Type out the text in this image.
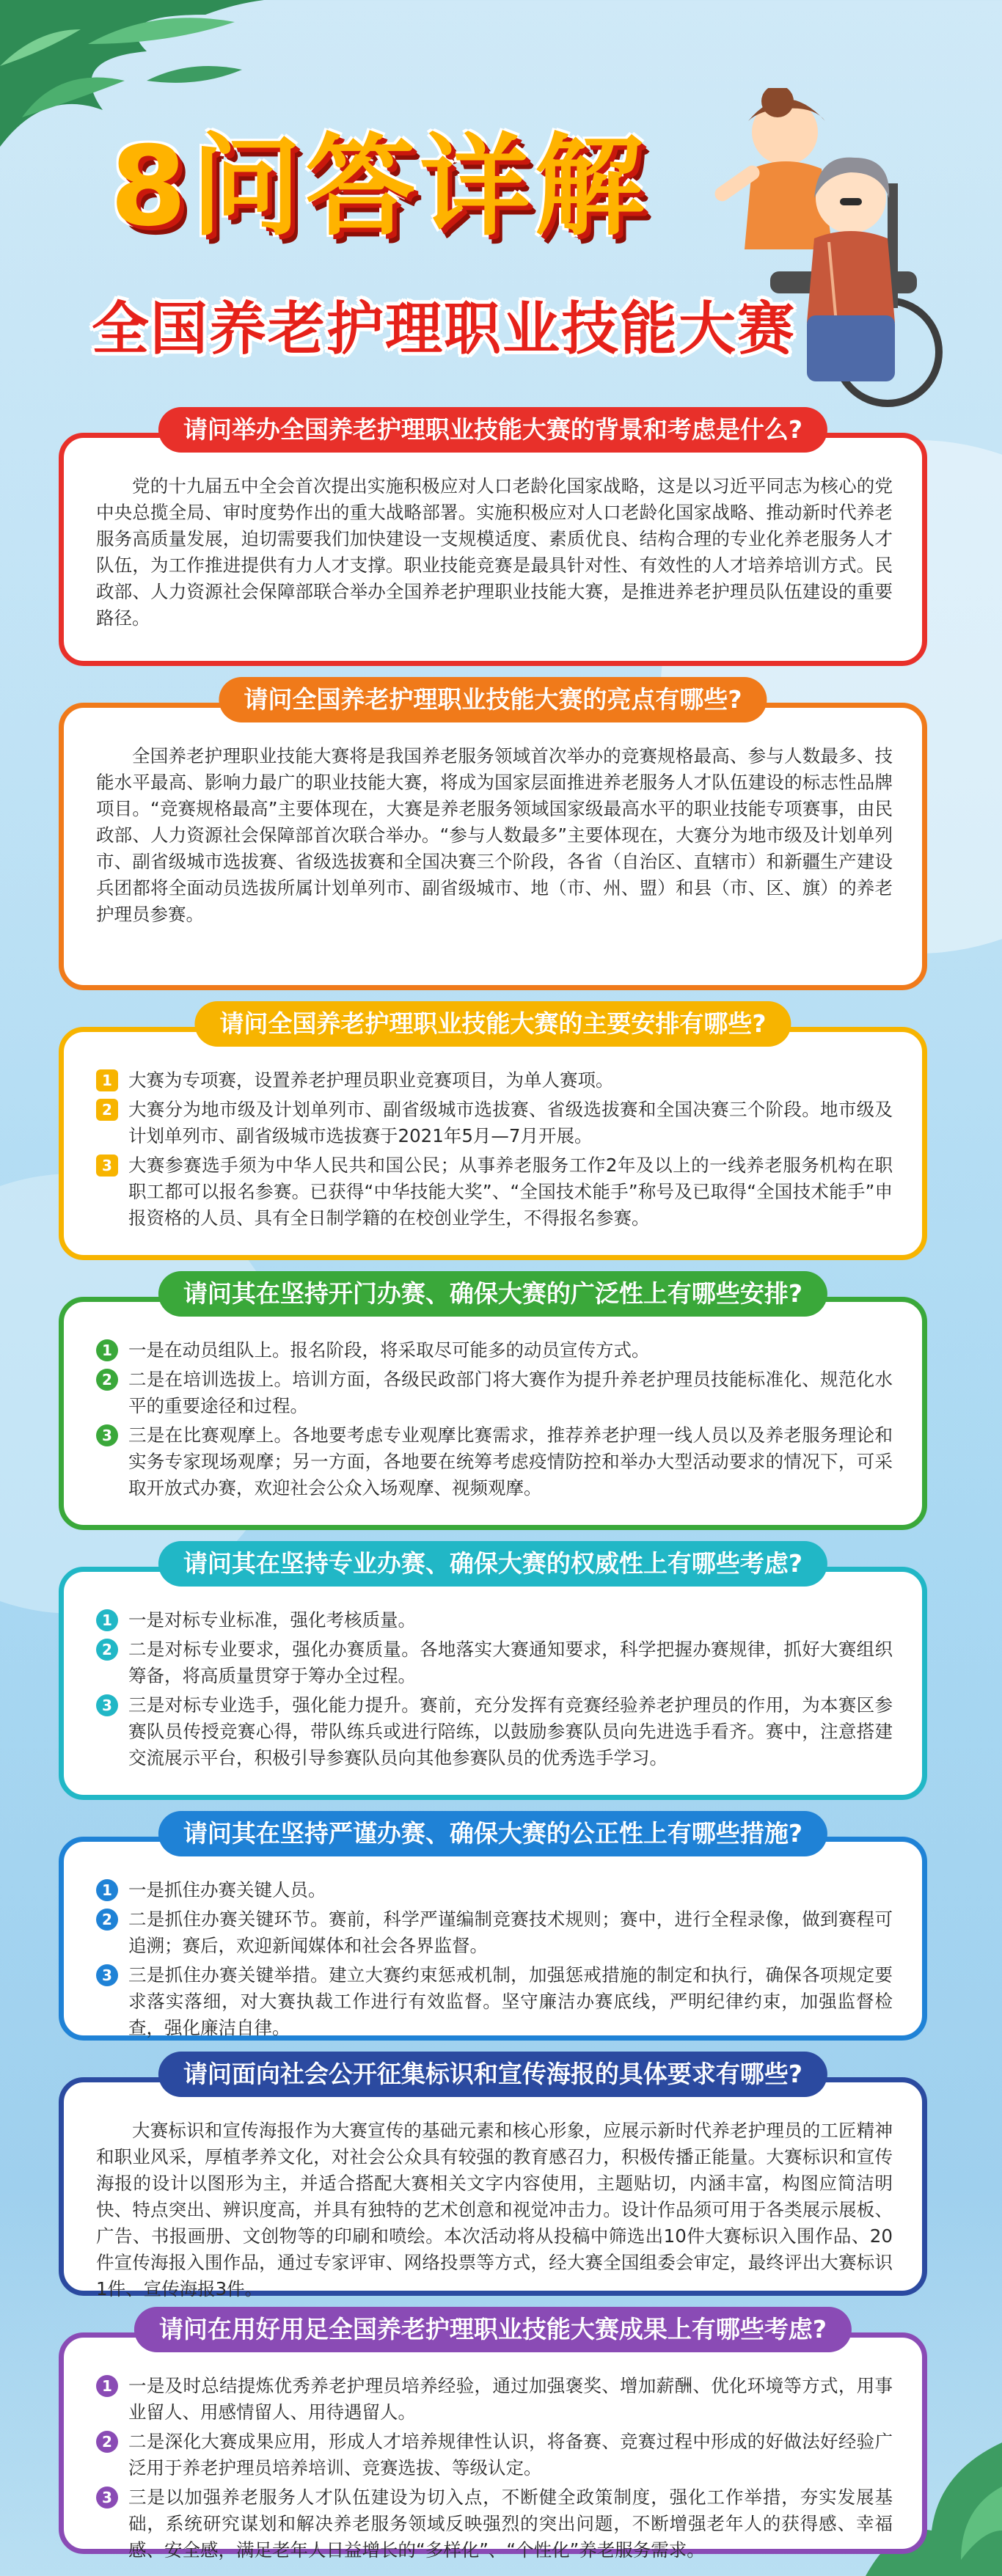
8问答详解
全国养老护理职业技能大赛
请问举办全国养老护理职业技能大赛的背景和考虑是什么?

党的十九届五中全会首次提出实施积极应对人口老龄化国家战略，这是以习近平同志为核心的党中央总揽全局、审时度势作出的重大战略部署。实施积极应对人口老龄化国家战略、推动新时代养老服务高质量发展，迫切需要我们加快建设一支规模适度、素质优良、结构合理的专业化养老服务人才队伍，为工作推进提供有力人才支撑。职业技能竞赛是最具针对性、有效性的人才培养培训方式。民政部、人力资源社会保障部联合举办全国养老护理职业技能大赛，是推进养老护理员队伍建设的重要路径。

请问全国养老护理职业技能大赛的亮点有哪些?

全国养老护理职业技能大赛将是我国养老服务领域首次举办的竞赛规格最高、参与人数最多、技能水平最高、影响力最广的职业技能大赛，将成为国家层面推进养老服务人才队伍建设的标志性品牌项目。“竞赛规格最高”主要体现在，大赛是养老服务领域国家级最高水平的职业技能专项赛事，由民政部、人力资源社会保障部首次联合举办。“参与人数最多”主要体现在，大赛分为地市级及计划单列市、副省级城市选拔赛、省级选拔赛和全国决赛三个阶段，各省（自治区、直辖市）和新疆生产建设兵团都将全面动员选拔所属计划单列市、副省级城市、地（市、州、盟）和县（市、区、旗）的养老护理员参赛。

请问全国养老护理职业技能大赛的主要安排有哪些?
1 大赛为专项赛，设置养老护理员职业竞赛项目，为单人赛项。
2 大赛分为地市级及计划单列市、副省级城市选拔赛、省级选拔赛和全国决赛三个阶段。地市级及计划单列市、副省级城市选拔赛于2021年5月—7月开展。
3 大赛参赛选手须为中华人民共和国公民；从事养老服务工作2年及以上的一线养老服务机构在职职工都可以报名参赛。已获得“中华技能大奖”、“全国技术能手”称号及已取得“全国技术能手”申报资格的人员、具有全日制学籍的在校创业学生，不得报名参赛。
请问其在坚持开门办赛、确保大赛的广泛性上有哪些安排?
1 一是在动员组队上。报名阶段，将采取尽可能多的动员宣传方式。
2 二是在培训选拔上。培训方面，各级民政部门将大赛作为提升养老护理员技能标准化、规范化水平的重要途径和过程。
3 三是在比赛观摩上。各地要考虑专业观摩比赛需求，推荐养老护理一线人员以及养老服务理论和实务专家现场观摩；另一方面，各地要在统筹考虑疫情防控和举办大型活动要求的情况下，可采取开放式办赛，欢迎社会公众入场观摩、视频观摩。
请问其在坚持专业办赛、确保大赛的权威性上有哪些考虑?
1 一是对标专业标准，强化考核质量。
2 二是对标专业要求，强化办赛质量。各地落实大赛通知要求，科学把握办赛规律，抓好大赛组织筹备，将高质量贯穿于筹办全过程。
3 三是对标专业选手，强化能力提升。赛前，充分发挥有竞赛经验养老护理员的作用，为本赛区参赛队员传授竞赛心得，带队练兵或进行陪练，以鼓励参赛队员向先进选手看齐。赛中，注意搭建交流展示平台，积极引导参赛队员向其他参赛队员的优秀选手学习。
请问其在坚持严谨办赛、确保大赛的公正性上有哪些措施?
1 一是抓住办赛关键人员。
2 二是抓住办赛关键环节。赛前，科学严谨编制竞赛技术规则；赛中，进行全程录像，做到赛程可追溯；赛后，欢迎新闻媒体和社会各界监督。
3 三是抓住办赛关键举措。建立大赛约束惩戒机制，加强惩戒措施的制定和执行，确保各项规定要求落实落细，对大赛执裁工作进行有效监督。坚守廉洁办赛底线，严明纪律约束，加强监督检查，强化廉洁自律。
请问面向社会公开征集标识和宣传海报的具体要求有哪些?

大赛标识和宣传海报作为大赛宣传的基础元素和核心形象，应展示新时代养老护理员的工匠精神和职业风采，厚植孝养文化，对社会公众具有较强的教育感召力，积极传播正能量。大赛标识和宣传海报的设计以图形为主，并适合搭配大赛相关文字内容使用，主题贴切，内涵丰富，构图应简洁明快、特点突出、辨识度高，并具有独特的艺术创意和视觉冲击力。设计作品须可用于各类展示展板、广告、书报画册、文创物等的印刷和喷绘。本次活动将从投稿中筛选出10件大赛标识入围作品、20件宣传海报入围作品，通过专家评审、网络投票等方式，经大赛全国组委会审定，最终评出大赛标识1件、宣传海报3件。

请问在用好用足全国养老护理职业技能大赛成果上有哪些考虑?
1 一是及时总结提炼优秀养老护理员培养经验，通过加强褒奖、增加薪酬、优化环境等方式，用事业留人、用感情留人、用待遇留人。
2 二是深化大赛成果应用，形成人才培养规律性认识，将备赛、竞赛过程中形成的好做法好经验广泛用于养老护理员培养培训、竞赛选拔、等级认定。
3 三是以加强养老服务人才队伍建设为切入点，不断健全政策制度，强化工作举措，夯实发展基础，系统研究谋划和解决养老服务领域反映强烈的突出问题，不断增强老年人的获得感、幸福感、安全感，满足老年人日益增长的“多样化”、“个性化”养老服务需求。
